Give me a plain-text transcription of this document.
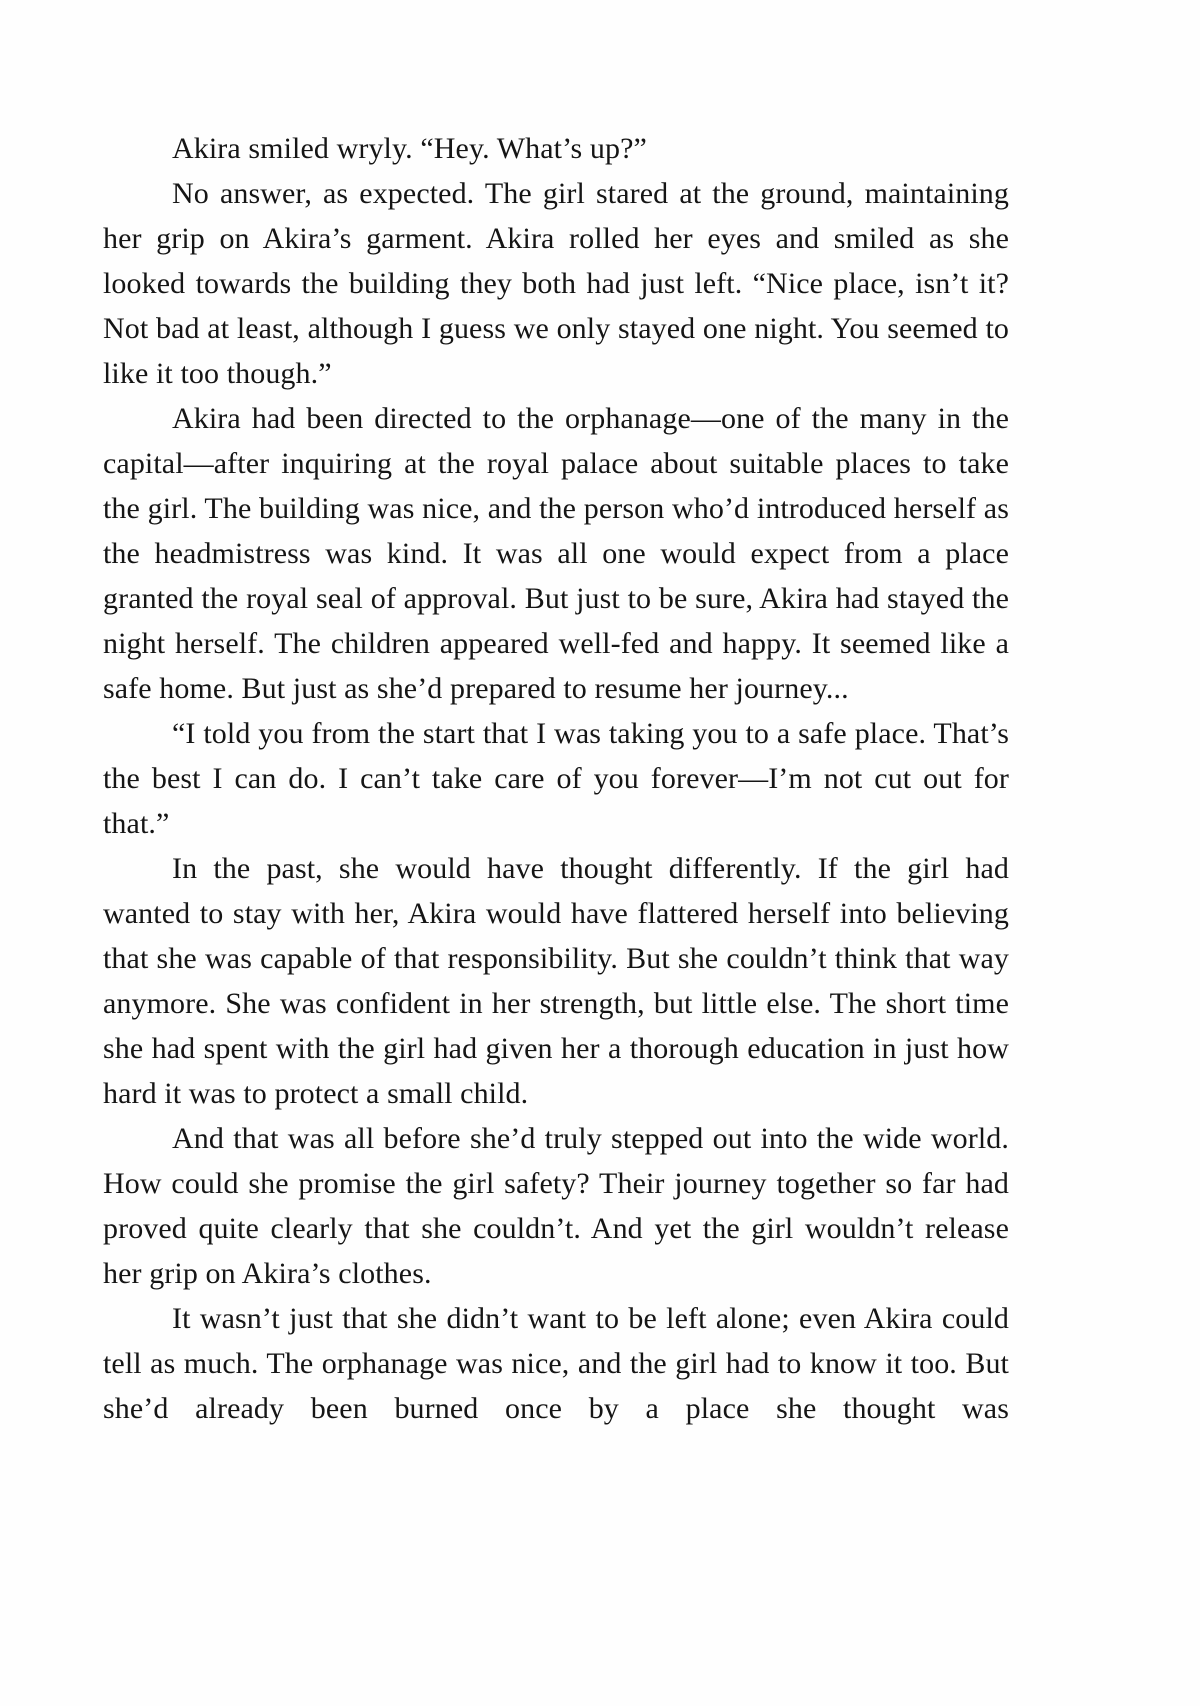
Akira smiled wryly. “Hey. What’s up?”

No answer, as expected. The girl stared at the ground, maintaining her grip on Akira’s garment. Akira rolled her eyes and smiled as she looked towards the building they both had just left. “Nice place, isn’t it? Not bad at least, although I guess we only stayed one night. You seemed to like it too though.”

Akira had been directed to the orphanage—one of the many in the capital—after inquiring at the royal palace about suitable places to take the girl. The building was nice, and the person who’d introduced herself as the headmistress was kind. It was all one would expect from a place granted the royal seal of approval. But just to be sure, Akira had stayed the night herself. The children appeared well-fed and happy. It seemed like a safe home. But just as she’d prepared to resume her journey...

“I told you from the start that I was taking you to a safe place. That’s the best I can do. I can’t take care of you forever—I’m not cut out for that.”

In the past, she would have thought differently. If the girl had wanted to stay with her, Akira would have flattered herself into believing that she was capable of that responsibility. But she couldn’t think that way anymore. She was confident in her strength, but little else. The short time she had spent with the girl had given her a thorough education in just how hard it was to protect a small child.

And that was all before she’d truly stepped out into the wide world. How could she promise the girl safety? Their journey together so far had proved quite clearly that she couldn’t. And yet the girl wouldn’t release her grip on Akira’s clothes.

It wasn’t just that she didn’t want to be left alone; even Akira could tell as much. The orphanage was nice, and the girl had to know it too. But she’d already been burned once by a place she thought was
